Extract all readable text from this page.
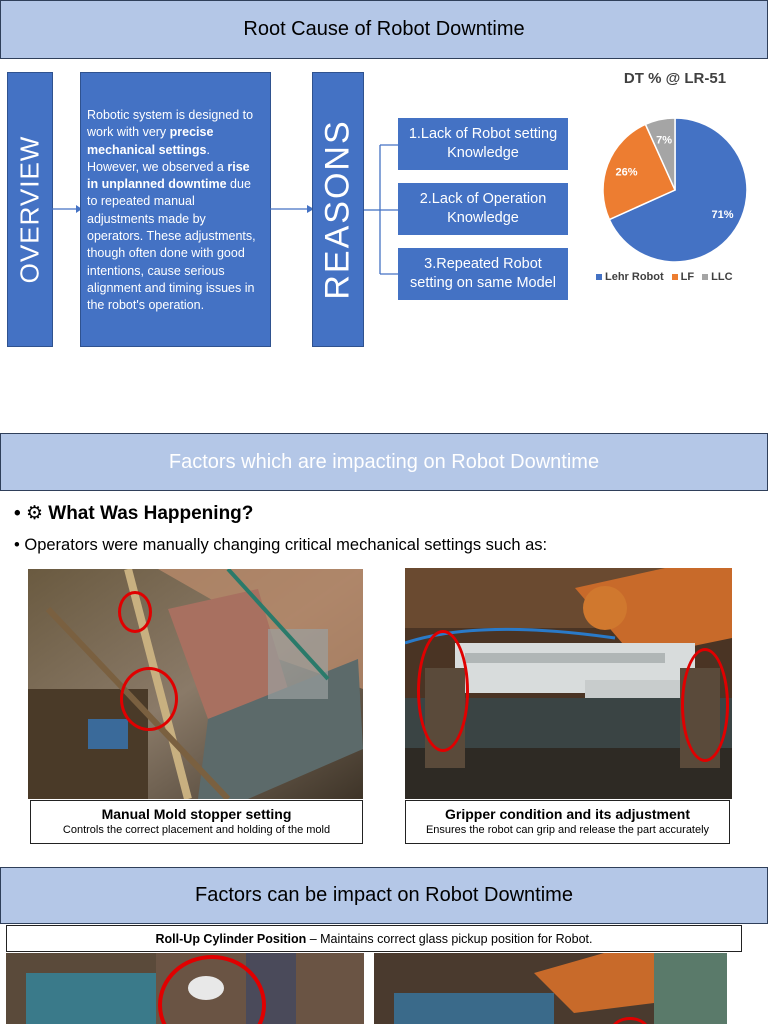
Root Cause of Robot Downtime
OVERVIEW
Robotic system is designed to work with very precise mechanical settings. However, we observed a rise in unplanned downtime due to repeated manual adjustments made by operators. These adjustments, though often done with good intentions, cause serious alignment and timing issues in the robot's operation.
REASONS	1.Lack of Robot setting Knowledge
2.Lack of Operation Knowledge
3.Repeated Robot setting on same Model
DT % @ LR-51
71%
26%
7%
Lehr Robot	LF	LLC
Factors which are impacting on Robot Downtime
• ⚙ What Was Happening?
• Operators were manually changing critical mechanical settings such as:
Manual Mold stopper setting
Controls the correct placement and holding of the mold
Gripper condition and its adjustment
Ensures the robot can grip and release the part accurately
Factors can be impact on Robot Downtime
Roll-Up Cylinder Position – Maintains correct glass pickup position for Robot.
